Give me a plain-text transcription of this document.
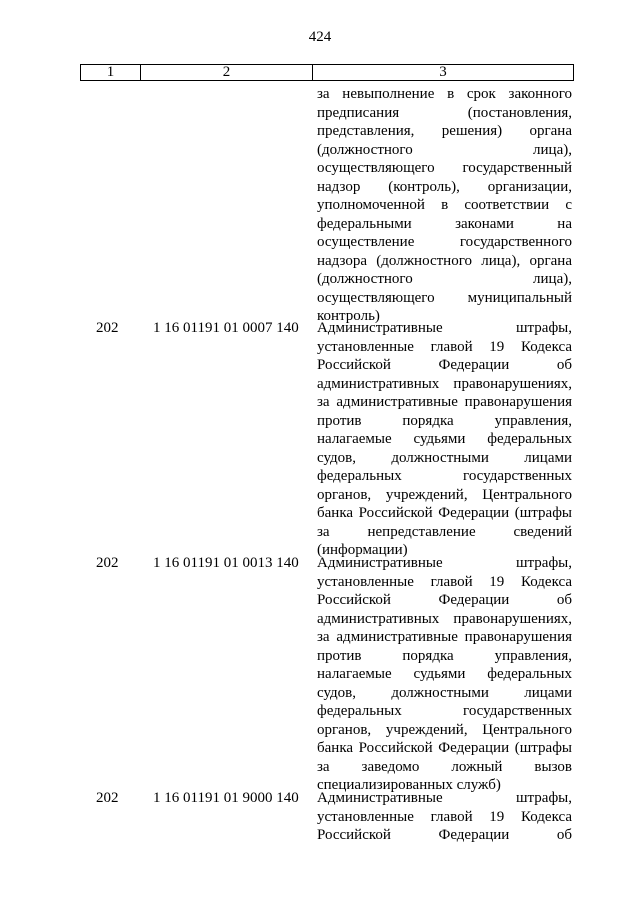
424
1	2	3
за невыполнение в срок законного
предписания (постановления,
представления, решения) органа
(должностного лица),
осуществляющего государственный
надзор (контроль), организации,
уполномоченной в соответствии с
федеральными законами на
осуществление государственного
надзора (должностного лица), органа
(должностного лица),
осуществляющего муниципальный
контроль)
202	1 16 01191 01 0007 140	Административные штрафы,
установленные главой 19 Кодекса
Российской Федерации об
административных правонарушениях,
за административные правонарушения
против порядка управления,
налагаемые судьями федеральных
судов, должностными лицами
федеральных государственных
органов, учреждений, Центрального
банка Российской Федерации (штрафы
за непредставление сведений
(информации)
202	1 16 01191 01 0013 140	Административные штрафы,
установленные главой 19 Кодекса
Российской Федерации об
административных правонарушениях,
за административные правонарушения
против порядка управления,
налагаемые судьями федеральных
судов, должностными лицами
федеральных государственных
органов, учреждений, Центрального
банка Российской Федерации (штрафы
за заведомо ложный вызов
специализированных служб)
202	1 16 01191 01 9000 140	Административные штрафы,
установленные главой 19 Кодекса
Российской Федерации об
